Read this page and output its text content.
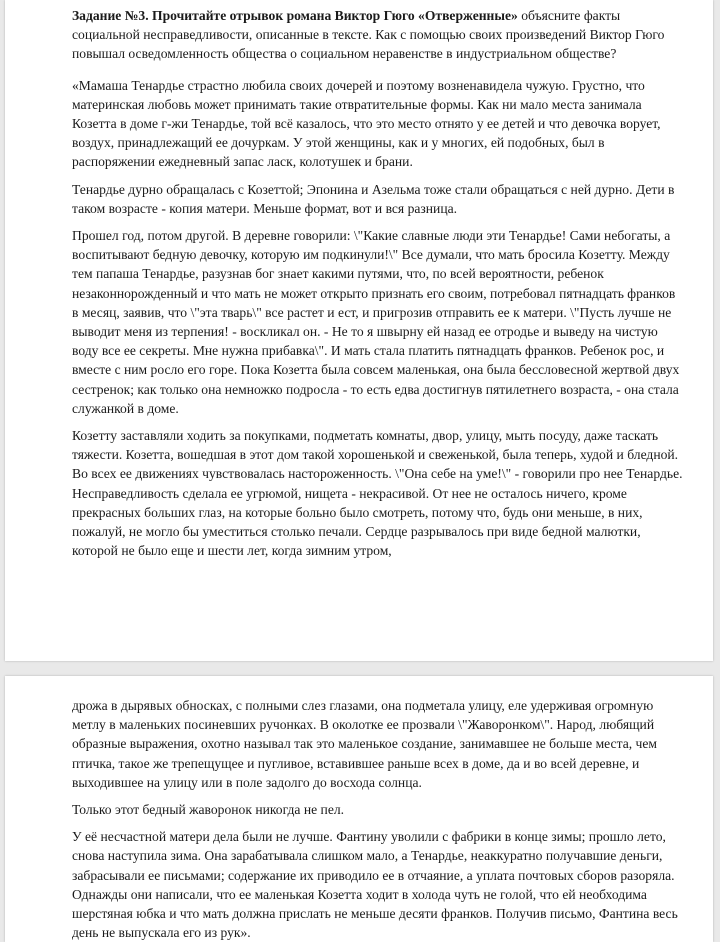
Задание №3. Прочитайте отрывок романа Виктор Гюго «Отверженные» объясните факты социальной несправедливости, описанные в тексте. Как с помощью своих произведений Виктор Гюго повышал осведомленность общества о социальном неравенстве в индустриальном обществе?

«Мамаша Тенардье страстно любила своих дочерей и поэтому возненавидела чужую. Грустно, что материнская любовь может принимать такие отвратительные формы. Как ни мало места занимала Козетта в доме г-жи Тенардье, той всё казалось, что это место отнято у ее детей и что девочка ворует, воздух, принадлежащий ее дочуркам. У этой женщины, как и у многих, ей подобных, был в распоряжении ежедневный запас ласк, колотушек и брани.

Тенардье дурно обращалась с Козеттой; Эпонина и Азельма тоже стали обращаться с ней дурно. Дети в таком возрасте - копия матери. Меньше формат, вот и вся разница.

Прошел год, потом другой. В деревне говорили: \"Какие славные люди эти Тенардье! Сами небогаты, а воспитывают бедную девочку, которую им подкинули!\" Все думали, что мать бросила Козетту. Между тем папаша Тенардье, разузнав бог знает какими путями, что, по всей вероятности, ребенок незаконнорожденный и что мать не может открыто признать его своим, потребовал пятнадцать франков в месяц, заявив, что \"эта тварь\" все растет и ест, и пригрозив отправить ее к матери. \"Пусть лучше не выводит меня из терпения! - воскликал он. - Не то я швырну ей назад ее отродье и выведу на чистую воду все ее секреты. Мне нужна прибавка\". И мать стала платить пятнадцать франков. Ребенок рос, и вместе с ним росло его горе. Пока Козетта была совсем маленькая, она была бессловесной жертвой двух сестренок; как только она немножко подросла - то есть едва достигнув пятилетнего возраста, - она стала служанкой в доме.

Козетту заставляли ходить за покупками, подметать комнаты, двор, улицу, мыть посуду, даже таскать тяжести. Козетта, вошедшая в этот дом такой хорошенькой и свеженькой, была теперь, худой и бледной. Во всех ее движениях чувствовалась настороженность. \"Она себе на уме!\" - говорили про нее Тенардье. Несправедливость сделала ее угрюмой, нищета - некрасивой. От нее не осталось ничего, кроме прекрасных больших глаз, на которые больно было смотреть, потому что, будь они меньше, в них, пожалуй, не могло бы уместиться столько печали. Сердце разрывалось при виде бедной малютки, которой не было еще и шести лет, когда зимним утром,

дрожа в дырявых обносках, с полными слез глазами, она подметала улицу, еле удерживая огромную метлу в маленьких посиневших ручонках. В околотке ее прозвали \"Жаворонком\". Народ, любящий образные выражения, охотно называл так это маленькое создание, занимавшее не больше места, чем птичка, такое же трепещущее и пугливое, вставившее раньше всех в доме, да и во всей деревне, и выходившее на улицу или в поле задолго до восхода солнца.

Только этот бедный жаворонок никогда не пел.

У её несчастной матери дела были не лучше. Фантину уволили с фабрики в конце зимы; прошло лето, снова наступила зима. Она зарабатывала слишком мало, а Тенардье, неаккуратно получавшие деньги, забрасывали ее письмами; содержание их приводило ее в отчаяние, а уплата почтовых сборов разоряла. Однажды они написали, что ее маленькая Козетта ходит в холода чуть не голой, что ей необходима шерстяная юбка и что мать должна прислать не меньше десяти франков. Получив письмо, Фантина весь день не выпускала его из рук».
